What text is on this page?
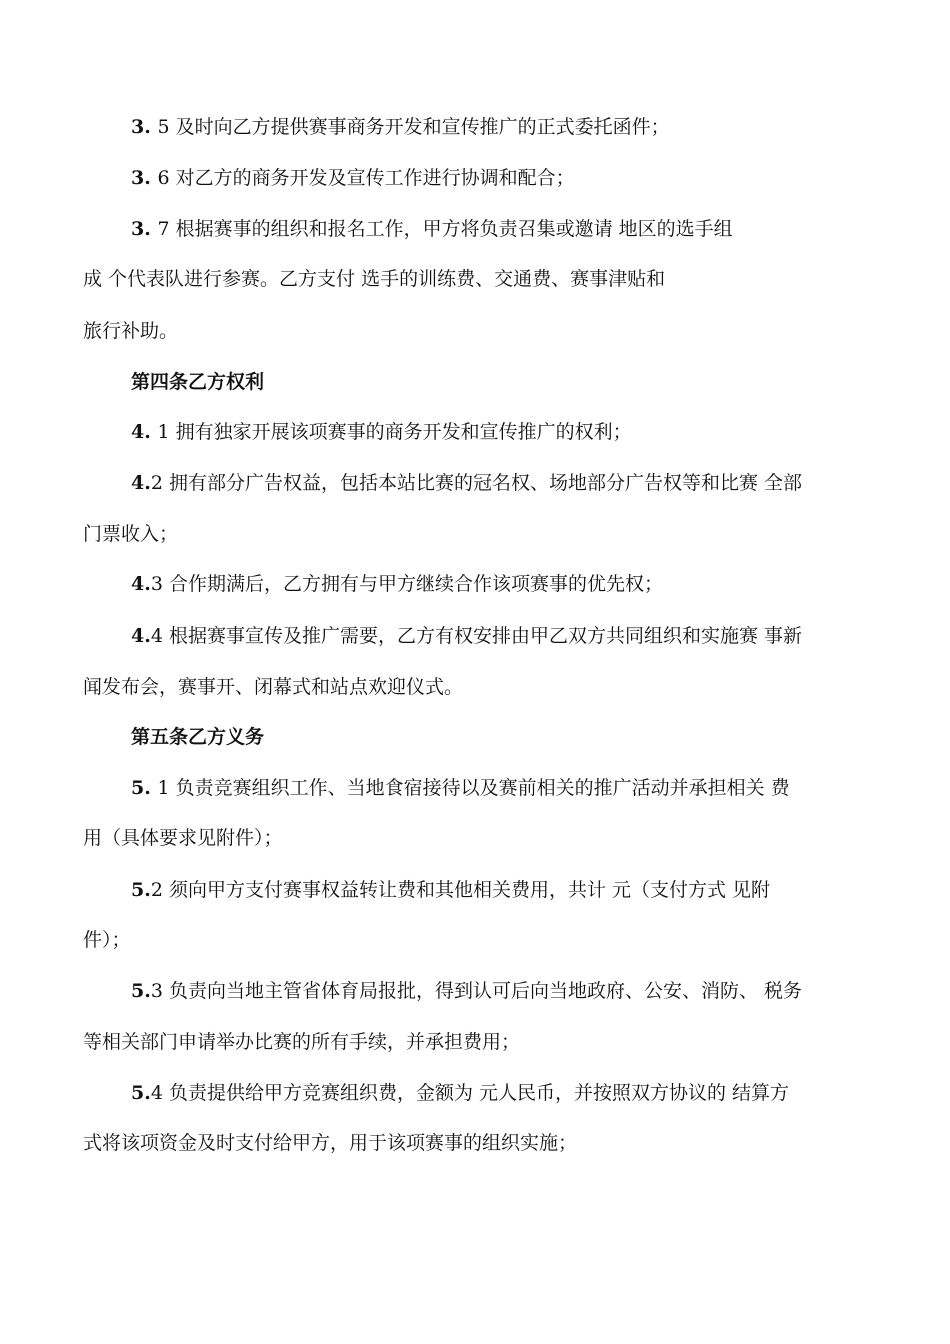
3. 5 及时向乙方提供赛事商务开发和宣传推广的正式委托函件；
3. 6 对乙方的商务开发及宣传工作进行协调和配合；
3. 7 根据赛事的组织和报名工作，甲方将负责召集或邀请 地区的选手组
成 个代表队进行参赛。乙方支付 选手的训练费、交通费、赛事津贴和
旅行补助。
第四条乙方权利
4. 1 拥有独家开展该项赛事的商务开发和宣传推广的权利；
4.2 拥有部分广告权益，包括本站比赛的冠名权、场地部分广告权等和比赛 全部
门票收入；
4.3 合作期满后，乙方拥有与甲方继续合作该项赛事的优先权；
4.4 根据赛事宣传及推广需要，乙方有权安排由甲乙双方共同组织和实施赛 事新
闻发布会，赛事开、闭幕式和站点欢迎仪式。
第五条乙方义务
5. 1 负责竞赛组织工作、当地食宿接待以及赛前相关的推广活动并承担相关 费
用（具体要求见附件）；
5.2 须向甲方支付赛事权益转让费和其他相关费用，共计 元（支付方式 见附
件）；
5.3 负责向当地主管省体育局报批，得到认可后向当地政府、公安、消防、 税务
等相关部门申请举办比赛的所有手续，并承担费用；
5.4 负责提供给甲方竞赛组织费，金额为 元人民币，并按照双方协议的 结算方
式将该项资金及时支付给甲方，用于该项赛事的组织实施；
